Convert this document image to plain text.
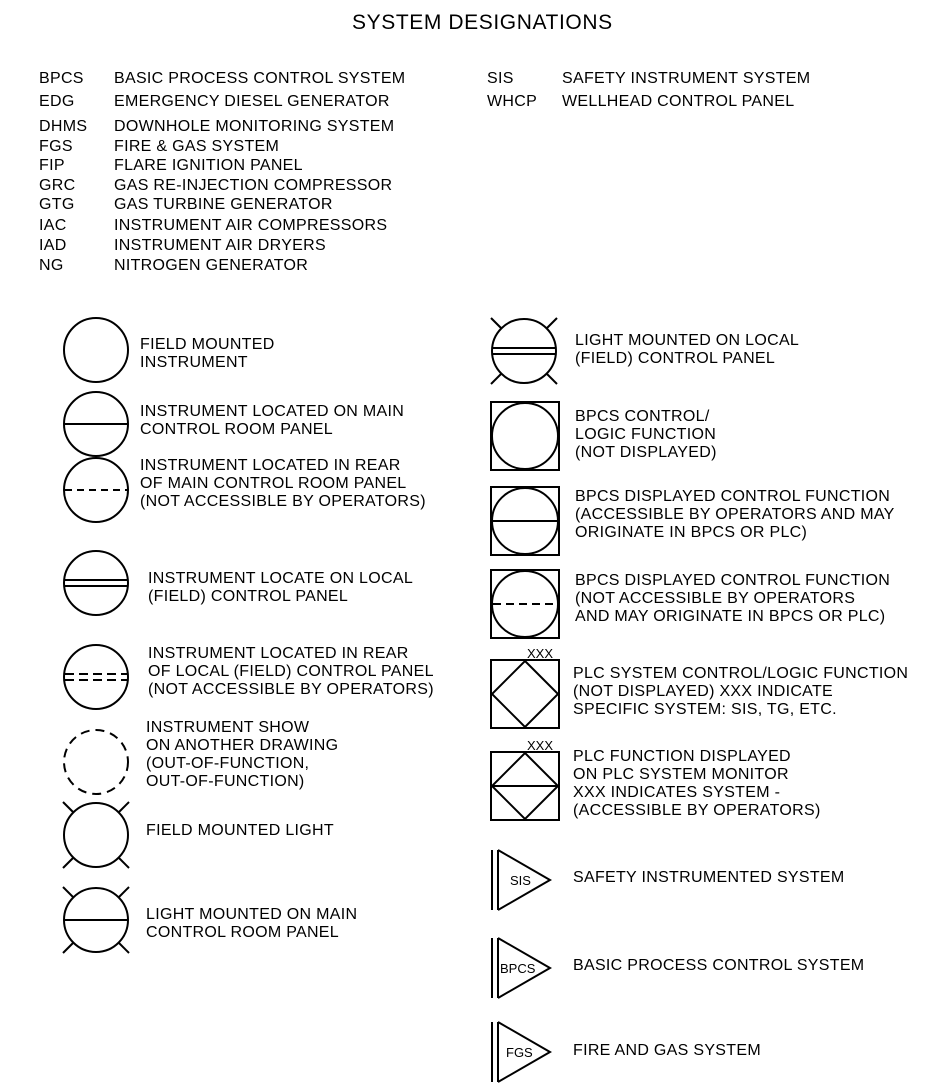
SYSTEM DESIGNATIONS
BPCS BASIC PROCESS CONTROL SYSTEM
EDG EMERGENCY DIESEL GENERATOR
DHMS DOWNHOLE MONITORING SYSTEM
FGS	FIRE & GAS SYSTEM
FIP	FLARE IGNITION PANEL
GRC GAS RE-INJECTION COMPRESSOR
GTG GAS TURBINE GENERATOR
IAC	INSTRUMENT AIR COMPRESSORS
IAD	INSTRUMENT AIR DRYERS
NG	NITROGEN GENERATOR
SIS	SAFETY INSTRUMENT SYSTEM
WHCP WELLHEAD CONTROL PANEL
FIELD MOUNTED
INSTRUMENT
INSTRUMENT LOCATED ON MAIN
CONTROL ROOM PANEL
INSTRUMENT LOCATED IN REAR
OF MAIN CONTROL ROOM PANEL
(NOT ACCESSIBLE BY OPERATORS)
INSTRUMENT LOCATE ON LOCAL
(FIELD) CONTROL PANEL
INSTRUMENT LOCATED IN REAR
OF LOCAL (FIELD) CONTROL PANEL
(NOT ACCESSIBLE BY OPERATORS)
INSTRUMENT SHOW
ON ANOTHER DRAWING
(OUT-OF-FUNCTION,
OUT-OF-FUNCTION)
FIELD MOUNTED LIGHT
LIGHT MOUNTED ON MAIN
CONTROL ROOM PANEL
LIGHT MOUNTED ON LOCAL
(FIELD) CONTROL PANEL
BPCS CONTROL/
LOGIC FUNCTION
(NOT DISPLAYED)
BPCS DISPLAYED CONTROL FUNCTION
(ACCESSIBLE BY OPERATORS AND MAY
ORIGINATE IN BPCS OR PLC)
BPCS DISPLAYED CONTROL FUNCTION
(NOT ACCESSIBLE BY OPERATORS
AND MAY ORIGINATE IN BPCS OR PLC)
XXX
PLC SYSTEM CONTROL/LOGIC FUNCTION
(NOT DISPLAYED) XXX INDICATE
SPECIFIC SYSTEM: SIS, TG, ETC.
XXX
PLC FUNCTION DISPLAYED
ON PLC SYSTEM MONITOR
XXX INDICATES SYSTEM -
(ACCESSIBLE BY OPERATORS)
SIS	SAFETY INSTRUMENTED SYSTEM
BPCS BASIC PROCESS CONTROL SYSTEM
FGS	FIRE AND GAS SYSTEM
